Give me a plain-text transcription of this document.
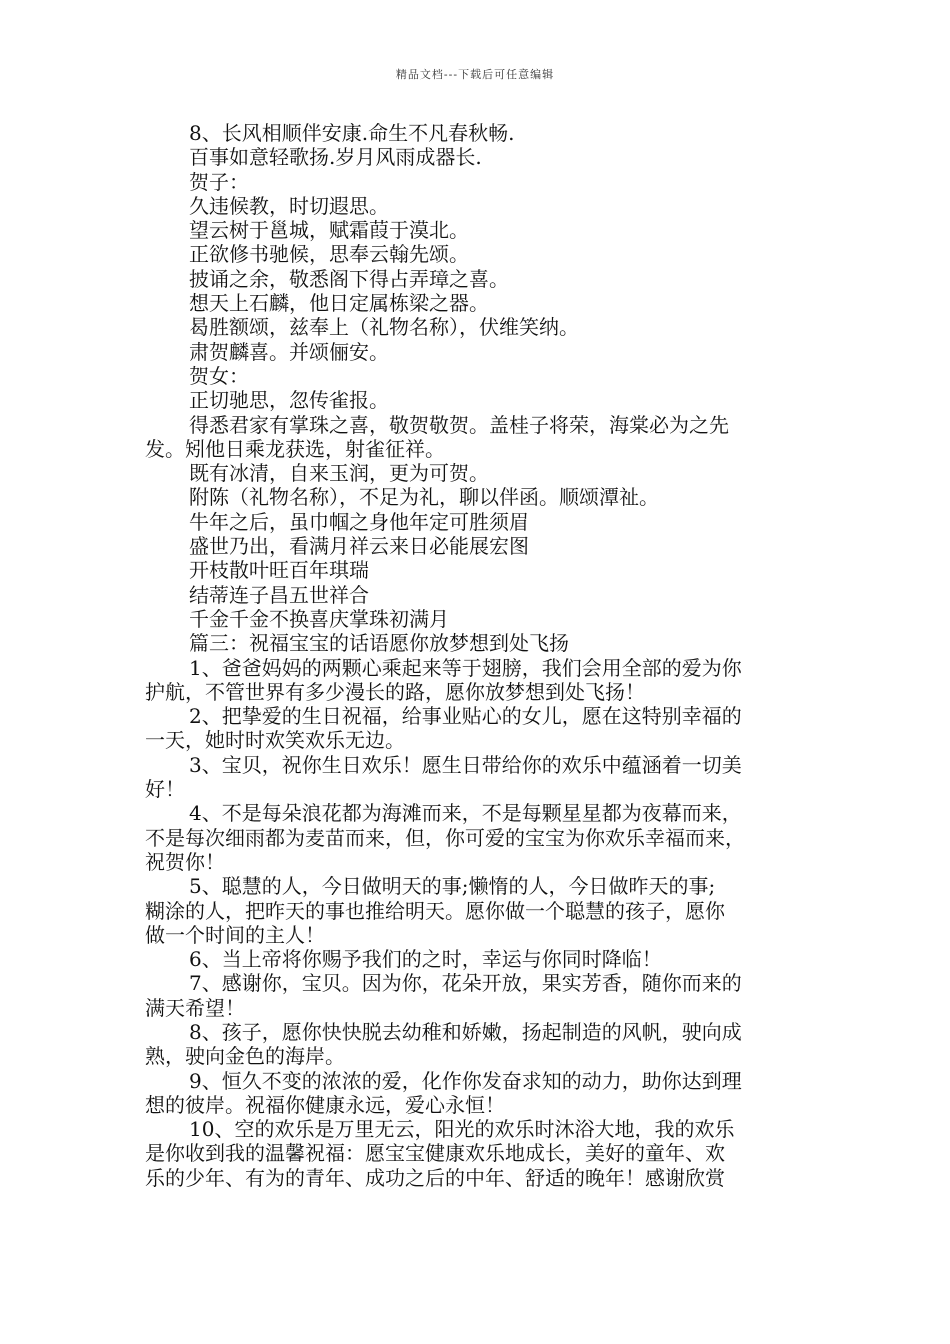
精品文档---下载后可任意编辑
8、长风相顺伴安康.命生不凡春秋畅.
百事如意轻歌扬.岁月风雨成器长.
贺子：
久违候教，时切遐思。
望云树于邕城，赋霜葭于漠北。
正欲修书驰候，思奉云翰先颂。
披诵之余，敬悉阁下得占弄璋之喜。
想天上石麟，他日定属栋梁之器。
曷胜额颂，兹奉上（礼物名称），伏维笑纳。
肃贺麟喜。并颂俪安。
贺女：
正切驰思，忽传雀报。
得悉君家有掌珠之喜，敬贺敬贺。盖桂子将荣，海棠必为之先
发。矧他日乘龙获选，射雀征祥。
既有冰清，自来玉润，更为可贺。
附陈（礼物名称），不足为礼，聊以伴函。顺颂潭祉。
牛年之后，虽巾帼之身他年定可胜须眉
盛世乃出，看满月祥云来日必能展宏图
开枝散叶旺百年琪瑞
结蒂连子昌五世祥合
千金千金不换喜庆掌珠初满月
篇三：祝福宝宝的话语愿你放梦想到处飞扬
1、爸爸妈妈的两颗心乘起来等于翅膀，我们会用全部的爱为你
护航，不管世界有多少漫长的路，愿你放梦想到处飞扬！
2、把挚爱的生日祝福，给事业贴心的女儿，愿在这特别幸福的
一天，她时时欢笑欢乐无边。
3、宝贝，祝你生日欢乐！愿生日带给你的欢乐中蕴涵着一切美
好！
4、不是每朵浪花都为海滩而来，不是每颗星星都为夜幕而来，
不是每次细雨都为麦苗而来，但，你可爱的宝宝为你欢乐幸福而来，
祝贺你！
5、聪慧的人，今日做明天的事;懒惰的人，今日做昨天的事;
糊涂的人，把昨天的事也推给明天。愿你做一个聪慧的孩子，愿你
做一个时间的主人！
6、当上帝将你赐予我们的之时，幸运与你同时降临！
7、感谢你，宝贝。因为你，花朵开放，果实芳香，随你而来的
满天希望！
8、孩子，愿你快快脱去幼稚和娇嫩，扬起制造的风帆，驶向成
熟，驶向金色的海岸。
9、恒久不变的浓浓的爱，化作你发奋求知的动力，助你达到理
想的彼岸。祝福你健康永远，爱心永恒！
10、空的欢乐是万里无云，阳光的欢乐时沐浴大地，我的欢乐
是你收到我的温馨祝福：愿宝宝健康欢乐地成长，美好的童年、欢
乐的少年、有为的青年、成功之后的中年、舒适的晚年！感谢欣赏
